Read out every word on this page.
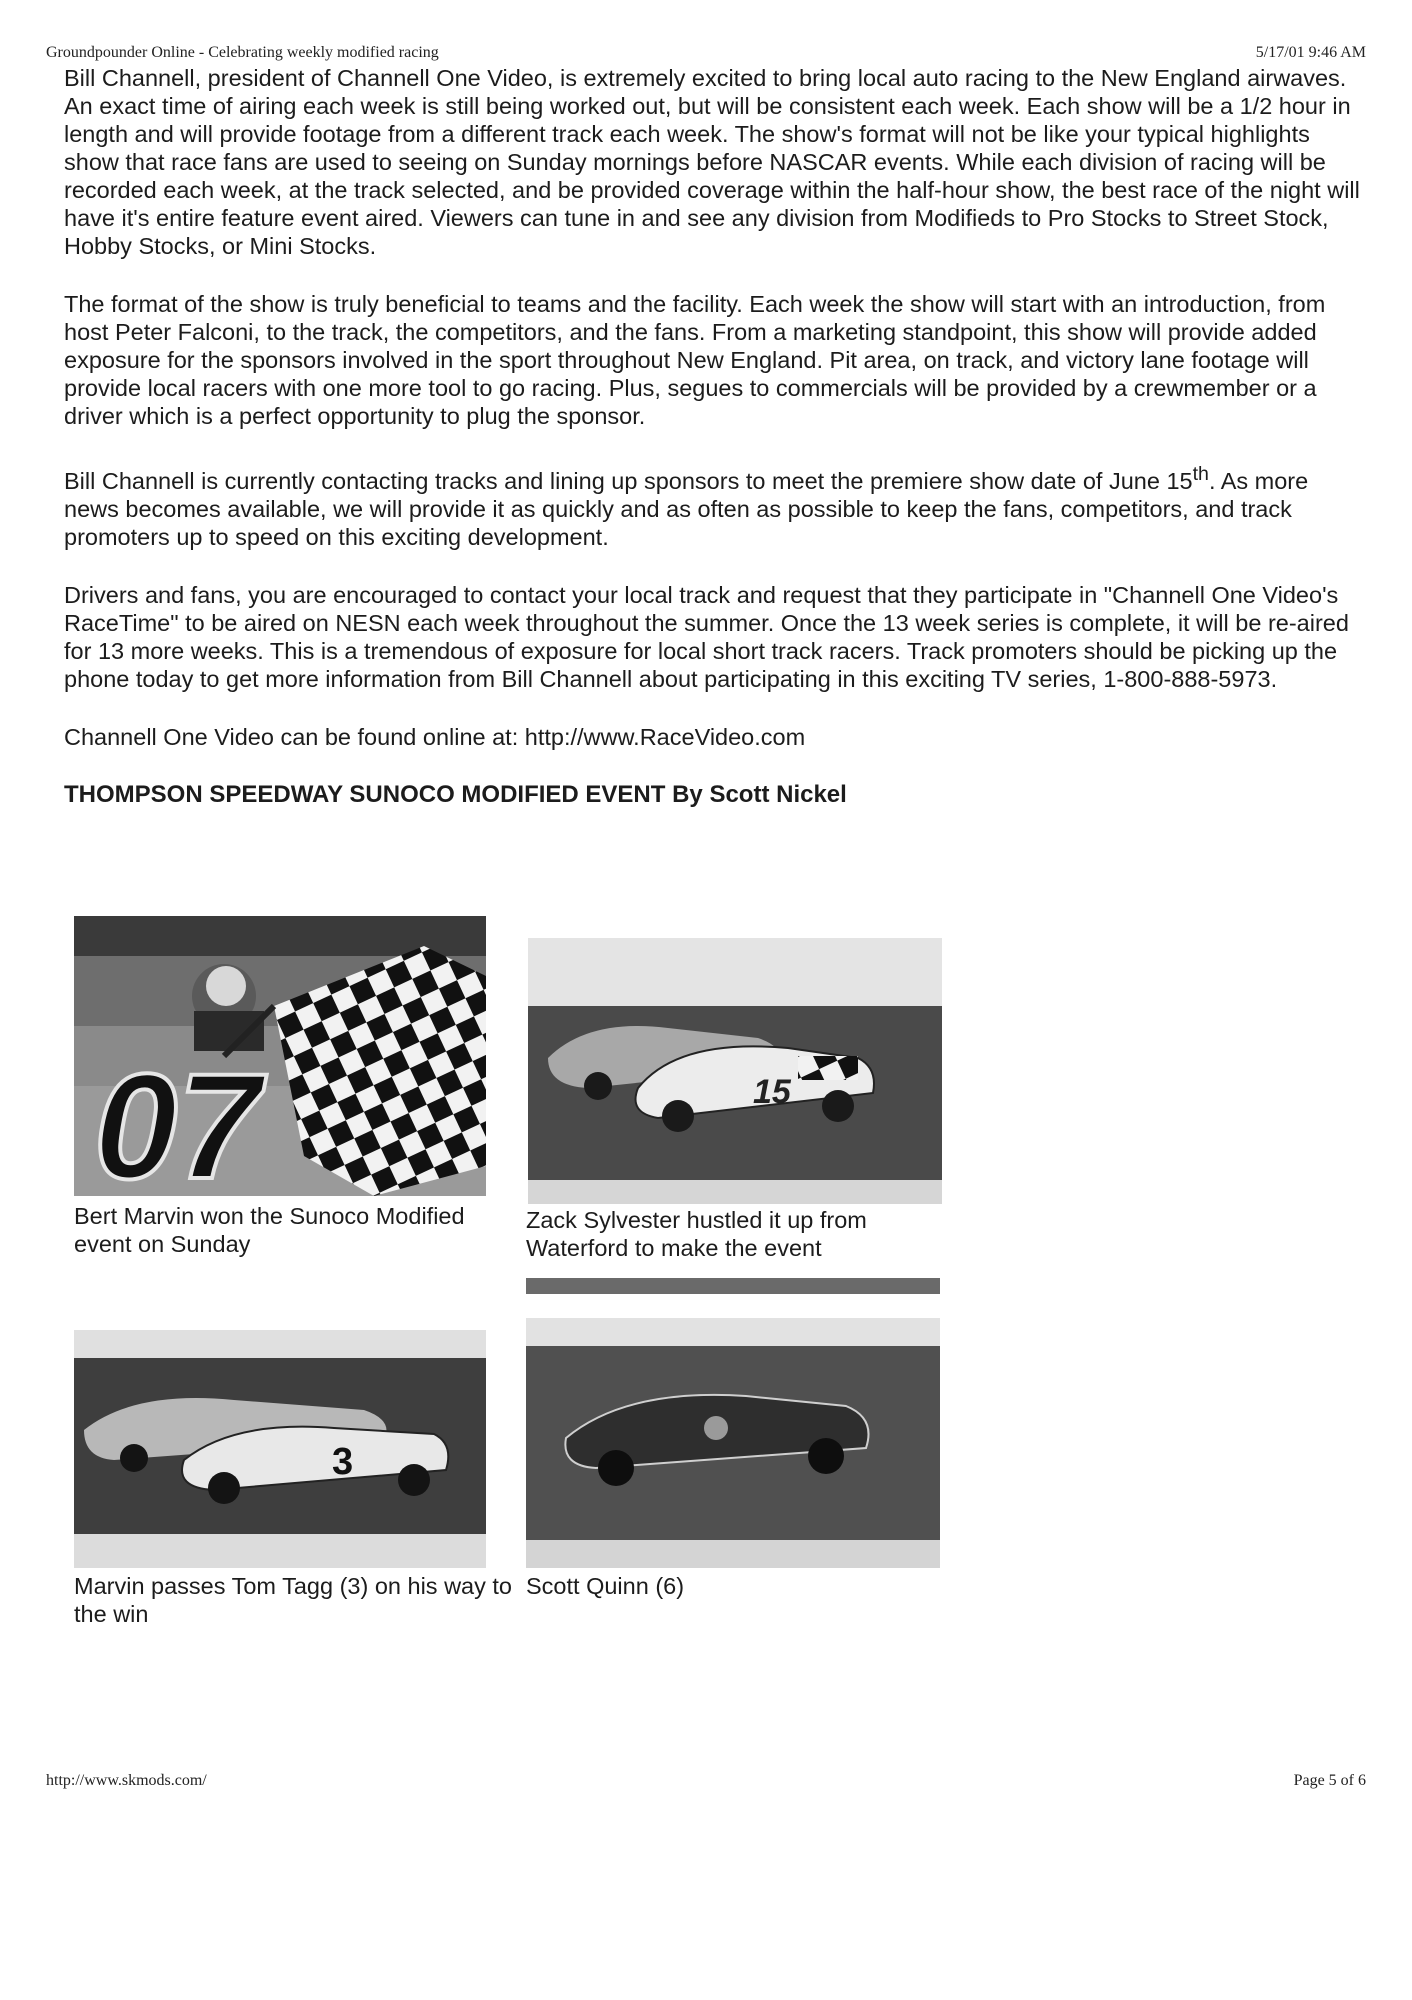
Groundpounder Online - Celebrating weekly modified racing	5/17/01 9:46 AM

Bill Channell, president of Channell One Video, is extremely excited to bring local auto racing to the New England airwaves. An exact time of airing each week is still being worked out, but will be consistent each week. Each show will be a 1/2 hour in length and will provide footage from a different track each week. The show's format will not be like your typical highlights show that race fans are used to seeing on Sunday mornings before NASCAR events. While each division of racing will be recorded each week, at the track selected, and be provided coverage within the half-hour show, the best race of the night will have it's entire feature event aired. Viewers can tune in and see any division from Modifieds to Pro Stocks to Street Stock, Hobby Stocks, or Mini Stocks.

The format of the show is truly beneficial to teams and the facility. Each week the show will start with an introduction, from host Peter Falconi, to the track, the competitors, and the fans. From a marketing standpoint, this show will provide added exposure for the sponsors involved in the sport throughout New England. Pit area, on track, and victory lane footage will provide local racers with one more tool to go racing. Plus, segues to commercials will be provided by a crewmember or a driver which is a perfect opportunity to plug the sponsor.

Bill Channell is currently contacting tracks and lining up sponsors to meet the premiere show date of June 15th. As more news becomes available, we will provide it as quickly and as often as possible to keep the fans, competitors, and track promoters up to speed on this exciting development.

Drivers and fans, you are encouraged to contact your local track and request that they participate in "Channell One Video's RaceTime" to be aired on NESN each week throughout the summer. Once the 13 week series is complete, it will be re-aired for 13 more weeks. This is a tremendous of exposure for local short track racers. Track promoters should be picking up the phone today to get more information from Bill Channell about participating in this exciting TV series, 1-800-888-5973.

Channell One Video can be found online at: http://www.RaceVideo.com

THOMPSON SPEEDWAY SUNOCO MODIFIED EVENT By Scott Nickel
07
Bert Marvin won the Sunoco Modified event on Sunday
15
Zack Sylvester hustled it up from Waterford to make the event
3
Marvin passes Tom Tagg (3) on his way to the win
Scott Quinn (6)
http://www.skmods.com/	Page 5 of 6
